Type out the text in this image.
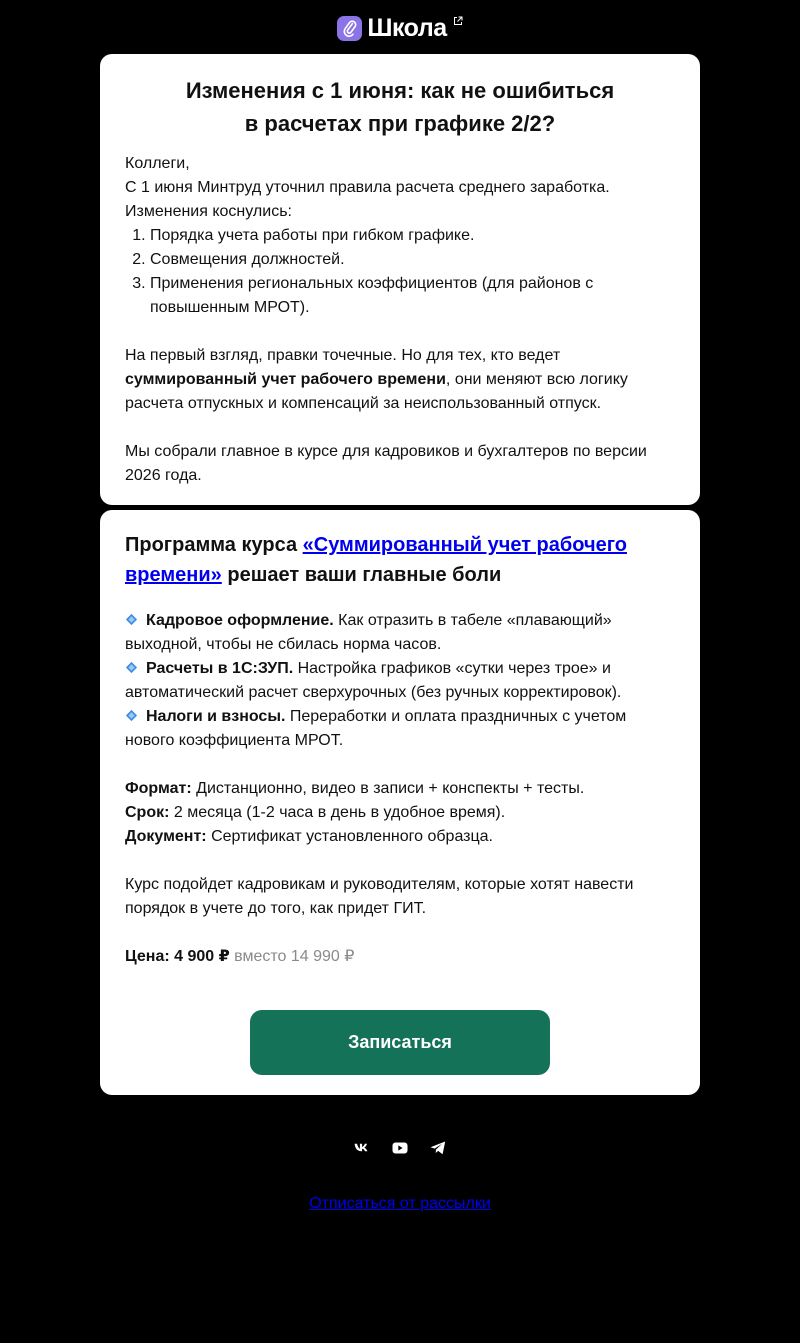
Школа
Изменения с 1 июня: как не ошибиться
в расчетах при графике 2/2?

Коллеги,

С 1 июня Минтруд уточнил правила расчета среднего заработка.

Изменения коснулись:

1. Порядка учета работы при гибком графике.
2. Совмещения должностей.
3. Применения региональных коэффициентов (для районов с повышенным МРОТ).

На первый взгляд, правки точечные. Но для тех, кто ведет суммированный учет рабочего времени, они меняют всю логику расчета отпускных и компенсаций за неиспользованный отпуск.

Мы собрали главное в курсе для кадровиков и бухгалтеров по версии 2026 года.

Программа курса «Суммированный учет рабочего времени» решает ваши главные боли

Кадровое оформление. Как отразить в табеле «плавающий» выходной, чтобы не сбилась норма часов.

Расчеты в 1С:ЗУП. Настройка графиков «сутки через трое» и автоматический расчет сверхурочных (без ручных корректировок).

Налоги и взносы. Переработки и оплата праздничных с учетом нового коэффициента МРОТ.

Формат: Дистанционно, видео в записи + конспекты + тесты.

Срок: 2 месяца (1-2 часа в день в удобное время).

Документ: Сертификат установленного образца.

Курс подойдет кадровикам и руководителям, которые хотят навести порядок в учете до того, как придет ГИТ.

Цена: 4 900 ₽ вместо 14 990 ₽

Записаться
Отписаться от рассылки
